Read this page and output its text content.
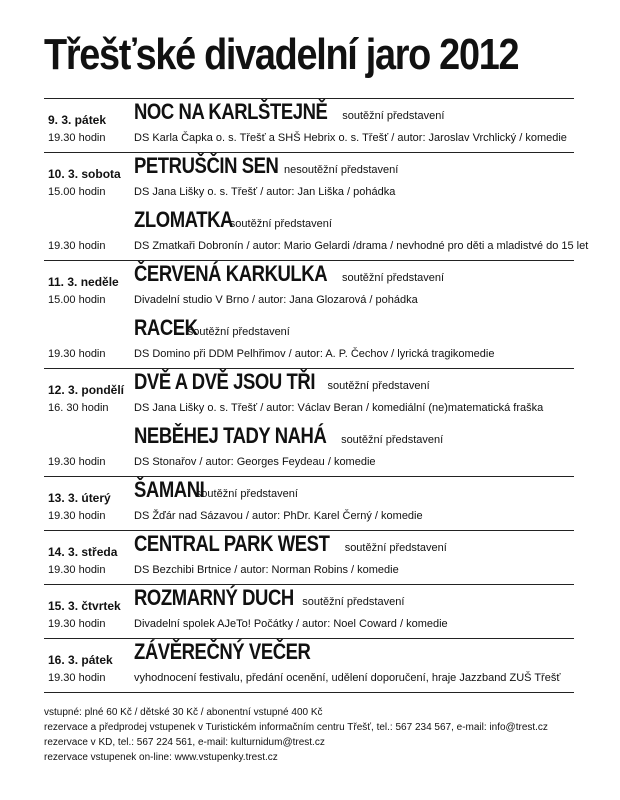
Třešťské divadelní jaro 2012
9. 3. pátek
19.30 hodin
NOC NA KARLŠTEJNĚ soutěžní představení
DS Karla Čapka o. s. Třešť a SHŠ Hebrix o. s. Třešť / autor: Jaroslav Vrchlický / komedie
10. 3. sobota
15.00 hodin
PETRUŠČIN SEN nesoutěžní představení
DS Jana Lišky o. s. Třešť / autor: Jan Liška / pohádka
19.30 hodin
ZLOMATKAsoutěžní představení
DS Zmatkaři Dobronín / autor: Mario Gelardi /drama / nevhodné pro děti a mladistvé do 15 let
11. 3. neděle
15.00 hodin
ČERVENÁ KARKULKA soutěžní představení
Divadelní studio V Brno / autor: Jana Glozarová / pohádka
19.30 hodin
RACEKsoutěžní představení
DS Domino při DDM Pelhřimov / autor: A. P. Čechov / lyrická tragikomedie
12. 3. pondělí
16. 30 hodin
DVĚ A DVĚ JSOU TŘI soutěžní představení
DS Jana Lišky o. s. Třešť / autor: Václav Beran / komediální (ne)matematická fraška
19.30 hodin
NEBĚHEJ TADY NAHÁ soutěžní představení
DS Stonařov / autor: Georges Feydeau / komedie
13. 3. úterý
19.30 hodin
ŠAMANIsoutěžní představení
DS Žďár nad Sázavou / autor: PhDr. Karel Černý / komedie
14. 3. středa
19.30 hodin
CENTRAL PARK WEST soutěžní představení
DS Bezchibi Brtnice / autor: Norman Robins / komedie
15. 3. čtvrtek
19.30 hodin
ROZMARNÝ DUCH soutěžní představení
Divadelní spolek AJeTo! Počátky / autor: Noel Coward / komedie
16. 3. pátek
19.30 hodin
ZÁVĚREČNÝ VEČER
vyhodnocení festivalu, předání ocenění, udělení doporučení, hraje Jazzband ZUŠ Třešť
vstupné: plné 60 Kč / dětské 30 Kč / abonentní vstupné 400 Kč
rezervace a předprodej vstupenek v Turistickém informačním centru Třešť, tel.: 567 234 567, e-mail: info@trest.cz
rezervace v KD, tel.: 567 224 561, e-mail: kulturnidum@trest.cz
rezervace vstupenek on-line: www.vstupenky.trest.cz
